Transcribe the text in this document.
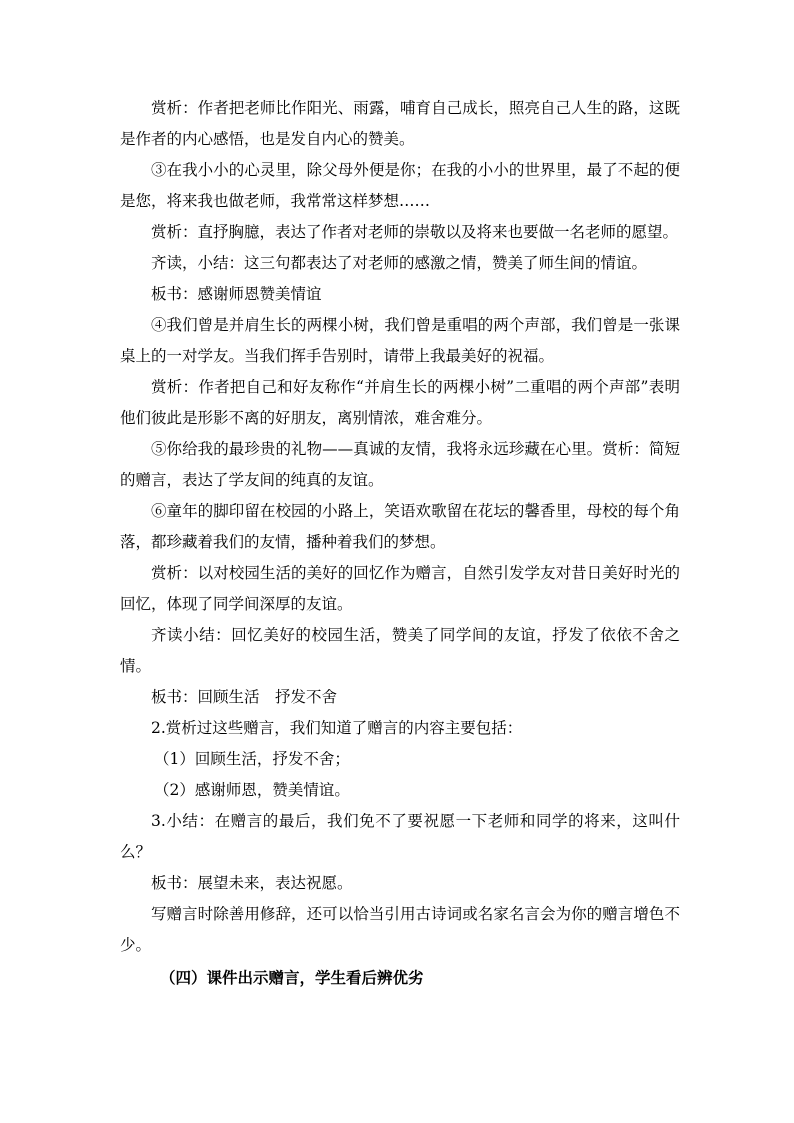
赏析：作者把老师比作阳光、雨露，哺育自己成长，照亮自己人生的路，这既是作者的内心感悟，也是发自内心的赞美。

③在我小小的心灵里，除父母外便是你；在我的小小的世界里，最了不起的便是您，将来我也做老师，我常常这样梦想……

赏析：直抒胸臆，表达了作者对老师的崇敬以及将来也要做一名老师的愿望。

齐读，小结：这三句都表达了对老师的感激之情，赞美了师生间的情谊。

板书：感谢师恩赞美情谊

④我们曾是并肩生长的两棵小树，我们曾是重唱的两个声部，我们曾是一张课桌上的一对学友。当我们挥手告别时，请带上我最美好的祝福。

赏析：作者把自己和好友称作“并肩生长的两棵小树”二重唱的两个声部”表明他们彼此是形影不离的好朋友，离别情浓，难舍难分。

⑤你给我的最珍贵的礼物——真诚的友情，我将永远珍藏在心里。赏析：简短的赠言，表达了学友间的纯真的友谊。

⑥童年的脚印留在校园的小路上，笑语欢歌留在花坛的馨香里，母校的每个角落，都珍藏着我们的友情，播种着我们的梦想。

赏析：以对校园生活的美好的回忆作为赠言，自然引发学友对昔日美好时光的回忆，体现了同学间深厚的友谊。

齐读小结：回忆美好的校园生活，赞美了同学间的友谊，抒发了依依不舍之情。

板书：回顾生活　抒发不舍

2.赏析过这些赠言，我们知道了赠言的内容主要包括：

（1）回顾生活，抒发不舍；

（2）感谢师恩，赞美情谊。

3.小结：在赠言的最后，我们免不了要祝愿一下老师和同学的将来，这叫什么？

板书：展望未来，表达祝愿。

写赠言时除善用修辞，还可以恰当引用古诗词或名家名言会为你的赠言增色不少。

（四）课件出示赠言，学生看后辨优劣
